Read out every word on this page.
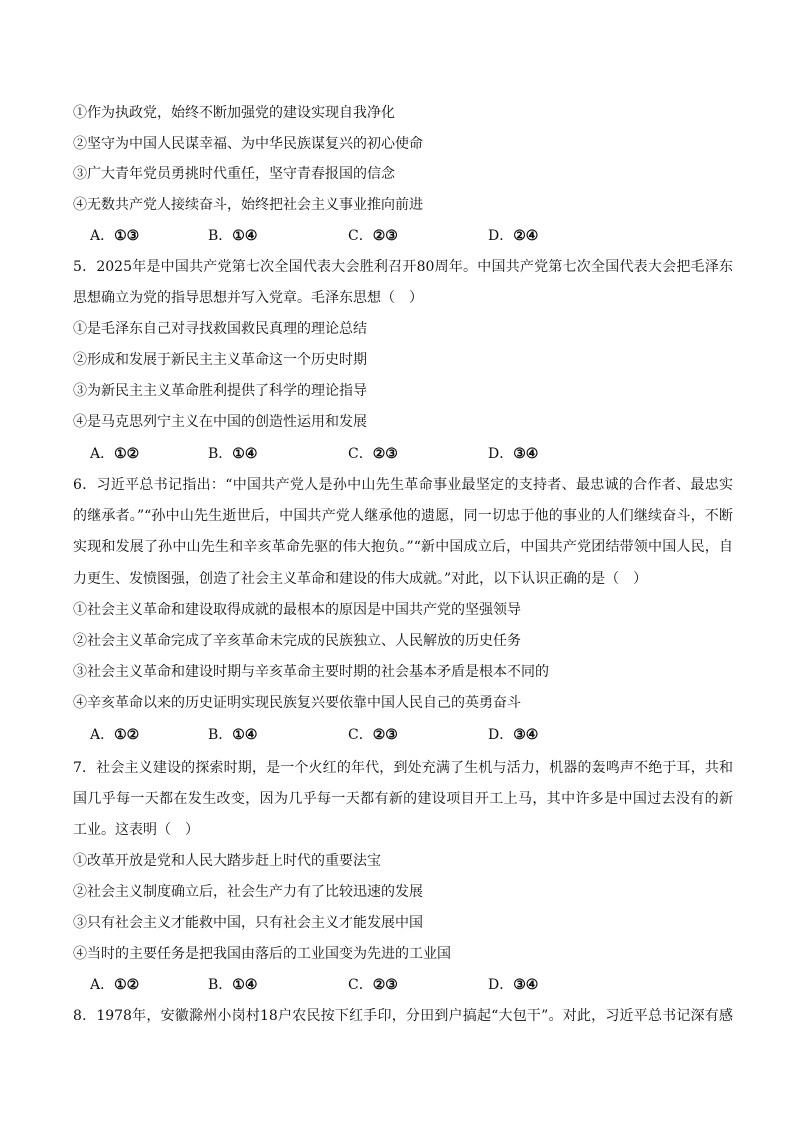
①作为执政党，始终不断加强党的建设实现自我净化
②坚守为中国人民谋幸福、为中华民族谋复兴的初心使命
③广大青年党员勇挑时代重任，坚守青春报国的信念
④无数共产党人接续奋斗，始终把社会主义事业推向前进
A．①③	B．①④	C．②③	D．②④
5．2025年是中国共产党第七次全国代表大会胜利召开80周年。中国共产党第七次全国代表大会把毛泽东
思想确立为党的指导思想并写入党章。毛泽东思想（　）
①是毛泽东自己对寻找救国救民真理的理论总结
②形成和发展于新民主主义革命这一个历史时期
③为新民主主义革命胜利提供了科学的理论指导
④是马克思列宁主义在中国的创造性运用和发展
A．①②	B．①④	C．②③	D．③④
6．习近平总书记指出：“中国共产党人是孙中山先生革命事业最坚定的支持者、最忠诚的合作者、最忠实
的继承者。”“孙中山先生逝世后，中国共产党人继承他的遗愿，同一切忠于他的事业的人们继续奋斗，不断
实现和发展了孙中山先生和辛亥革命先驱的伟大抱负。”“新中国成立后，中国共产党团结带领中国人民，自
力更生、发愤图强，创造了社会主义革命和建设的伟大成就。”对此，以下认识正确的是（　）
①社会主义革命和建设取得成就的最根本的原因是中国共产党的坚强领导
②社会主义革命完成了辛亥革命未完成的民族独立、人民解放的历史任务
③社会主义革命和建设时期与辛亥革命主要时期的社会基本矛盾是根本不同的
④辛亥革命以来的历史证明实现民族复兴要依靠中国人民自己的英勇奋斗
A．①②	B．①④	C．②③	D．③④
7．社会主义建设的探索时期，是一个火红的年代，到处充满了生机与活力，机器的轰鸣声不绝于耳，共和
国几乎每一天都在发生改变，因为几乎每一天都有新的建设项目开工上马，其中许多是中国过去没有的新
工业。这表明（　）
①改革开放是党和人民大踏步赶上时代的重要法宝
②社会主义制度确立后，社会生产力有了比较迅速的发展
③只有社会主义才能救中国，只有社会主义才能发展中国
④当时的主要任务是把我国由落后的工业国变为先进的工业国
A．①②	B．①④	C．②③	D．③④
8．1978年，安徽滁州小岗村18户农民按下红手印，分田到户搞起“大包干”。对此，习近平总书记深有感
